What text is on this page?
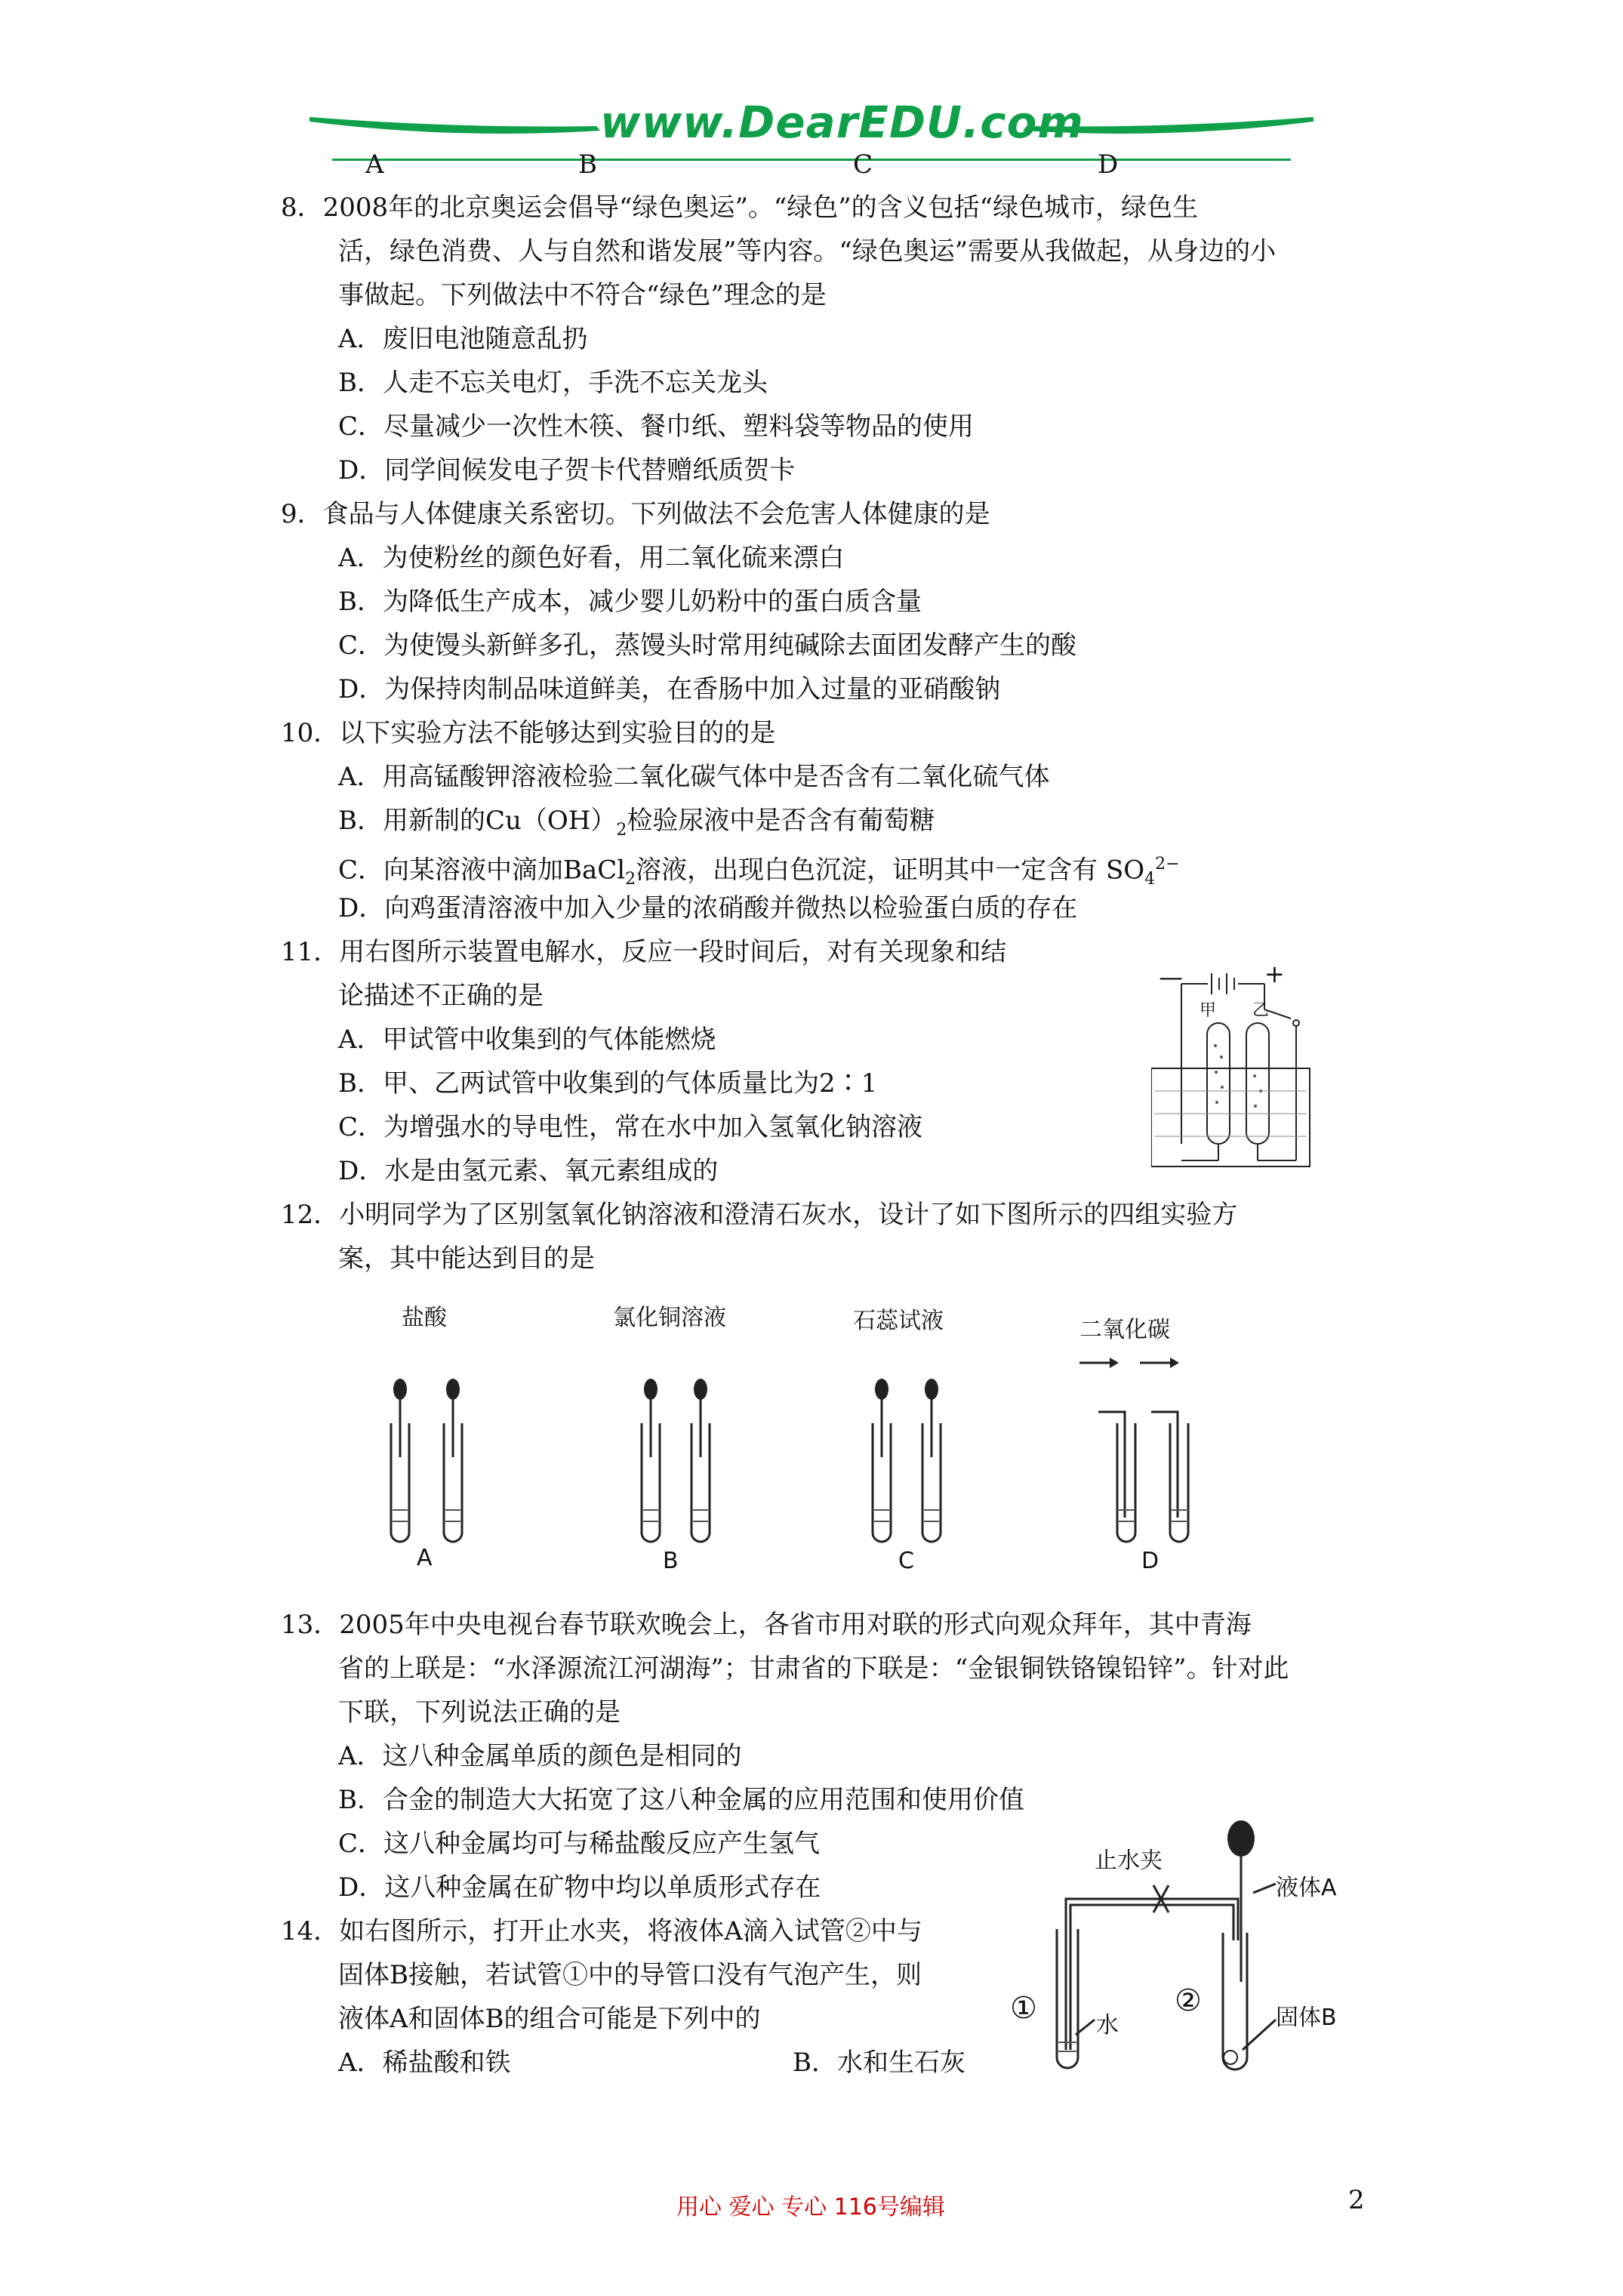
www.DearEDU.com
A	B	C	D
8．2008年的北京奥运会倡导“绿色奥运”。“绿色”的含义包括“绿色城市，绿色生
活，绿色消费、人与自然和谐发展”等内容。“绿色奥运”需要从我做起，从身边的小
事做起。下列做法中不符合“绿色”理念的是
A．废旧电池随意乱扔
B．人走不忘关电灯，手洗不忘关龙头
C．尽量减少一次性木筷、餐巾纸、塑料袋等物品的使用
D．同学间候发电子贺卡代替赠纸质贺卡
9．食品与人体健康关系密切。下列做法不会危害人体健康的是
A．为使粉丝的颜色好看，用二氧化硫来漂白
B．为降低生产成本，减少婴儿奶粉中的蛋白质含量
C．为使馒头新鲜多孔，蒸馒头时常用纯碱除去面团发酵产生的酸
D．为保持肉制品味道鲜美，在香肠中加入过量的亚硝酸钠
10．以下实验方法不能够达到实验目的的是
A．用高锰酸钾溶液检验二氧化碳气体中是否含有二氧化硫气体
B．用新制的$Cu(OH)_2$检验尿液中是否含有葡萄糖
C．向某溶液中滴加BaCl$_2$溶液，出现白色沉淀，证明其中一定含有 $SO_4^{2-}$
D．向鸡蛋清溶液中加入少量的浓硝酸并微热以检验蛋白质的存在
11．用右图所示装置电解水，反应一段时间后，对有关现象和结
论描述不正确的是
A．甲试管中收集到的气体能燃烧
B．甲、乙两试管中收集到的气体质量比为2∶1
C．为增强水的导电性，常在水中加入氢氧化钠溶液
D．水是由氢元素、氧元素组成的
—	+
甲 乙
12．小明同学为了区别氢氧化钠溶液和澄清石灰水，设计了如下图所示的四组实验方
案，其中能达到目的是
盐酸	氯化铜溶液	石蕊试液	二氧化碳
A	B	C	D
13．2005年中央电视台春节联欢晚会上，各省市用对联的形式向观众拜年，其中青海
省的上联是：“水泽源流江河湖海”；甘肃省的下联是：“金银铜铁铬镍铅锌”。针对此
下联，下列说法正确的是
A．这八种金属单质的颜色是相同的
B．合金的制造大大拓宽了这八种金属的应用范围和使用价值
C．这八种金属均可与稀盐酸反应产生氢气
D．这八种金属在矿物中均以单质形式存在
14．如右图所示，打开止水夹，将液体A滴入试管②中与
固体B接触，若试管①中的导管口没有气泡产生，则
液体A和固体B的组合可能是下列中的
A．稀盐酸和铁	B．水和生石灰
止水夹
液体A
固体B
水
①	②
用心 爱心 专心 116号编辑	2
